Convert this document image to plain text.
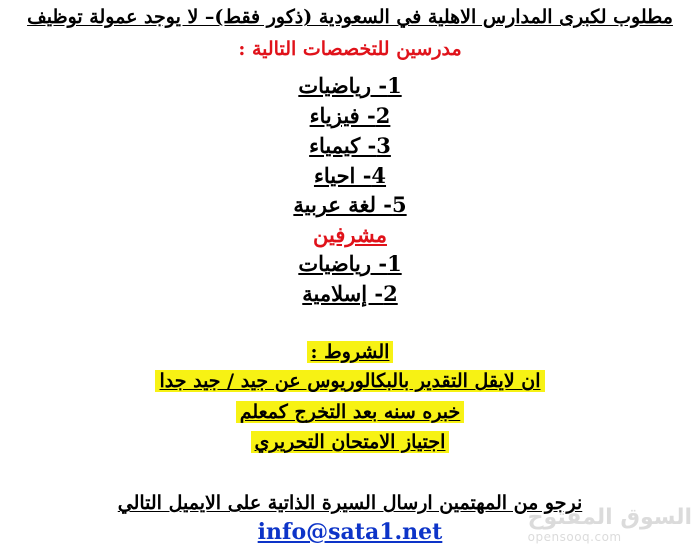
مطلوب لكبرى المدارس الاهلية في السعودية (ذكور فقط)– لا يوجد عمولة توظيف
مدرسين للتخصصات التالية :
1- رياضيات
2- فيزياء
3- كيمياء
4- احياء
5- لغة عربية
مشرفين
1- رياضيات
2- إسلامية
الشروط :
ان لايقل التقدير بالبكالوريوس عن جيد / جيد جدا
خبره سنه بعد التخرج كمعلم
اجتياز الامتحان التحريري
نرجو من المهتمين ارسال السيرة الذاتية على الايميل التالي
info@sata1.net
السوق المفتوح
opensooq.com
